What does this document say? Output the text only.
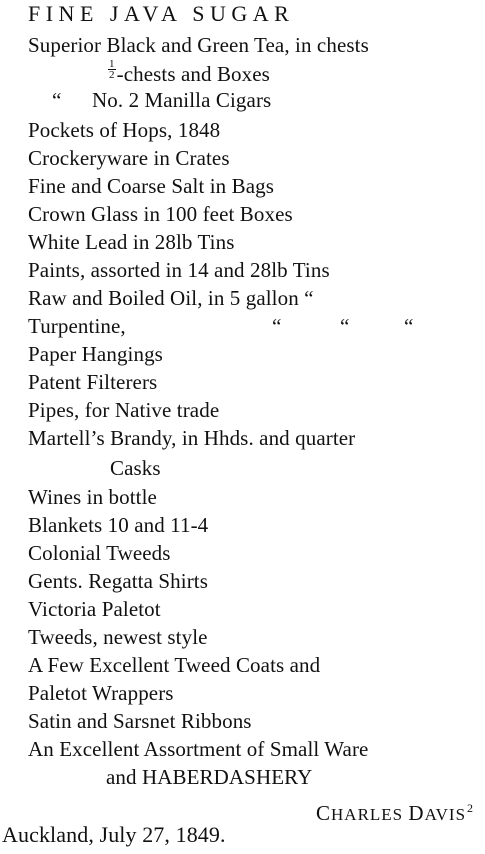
FINE JAVA SUGAR
Superior Black and Green Tea, in chests
$\frac{1}{2}$ -chests and Boxes
“ No. 2 Manilla Cigars
Pockets of Hops, 1848
Crockeryware in Crates
Fine and Coarse Salt in Bags
Crown Glass in 100 feet Boxes
White Lead in 28lb Tins
Paints, assorted in 14 and 28lb Tins
Raw and Boiled Oil, in 5 gallon “
Turpentine,	“	“	“
Paper Hangings
Patent Filterers
Pipes, for Native trade
Martell’s Brandy, in Hhds. and quarter
Casks
Wines in bottle
Blankets 10 and 11-4
Colonial Tweeds
Gents. Regatta Shirts
Victoria Paletot
Tweeds, newest style
A Few Excellent Tweed Coats and
Paletot Wrappers
Satin and Sarsnet Ribbons
An Excellent Assortment of Small Ware
and HABERDASHERY
CHARLES DAVIS$^2$
Auckland, July 27, 1849.
